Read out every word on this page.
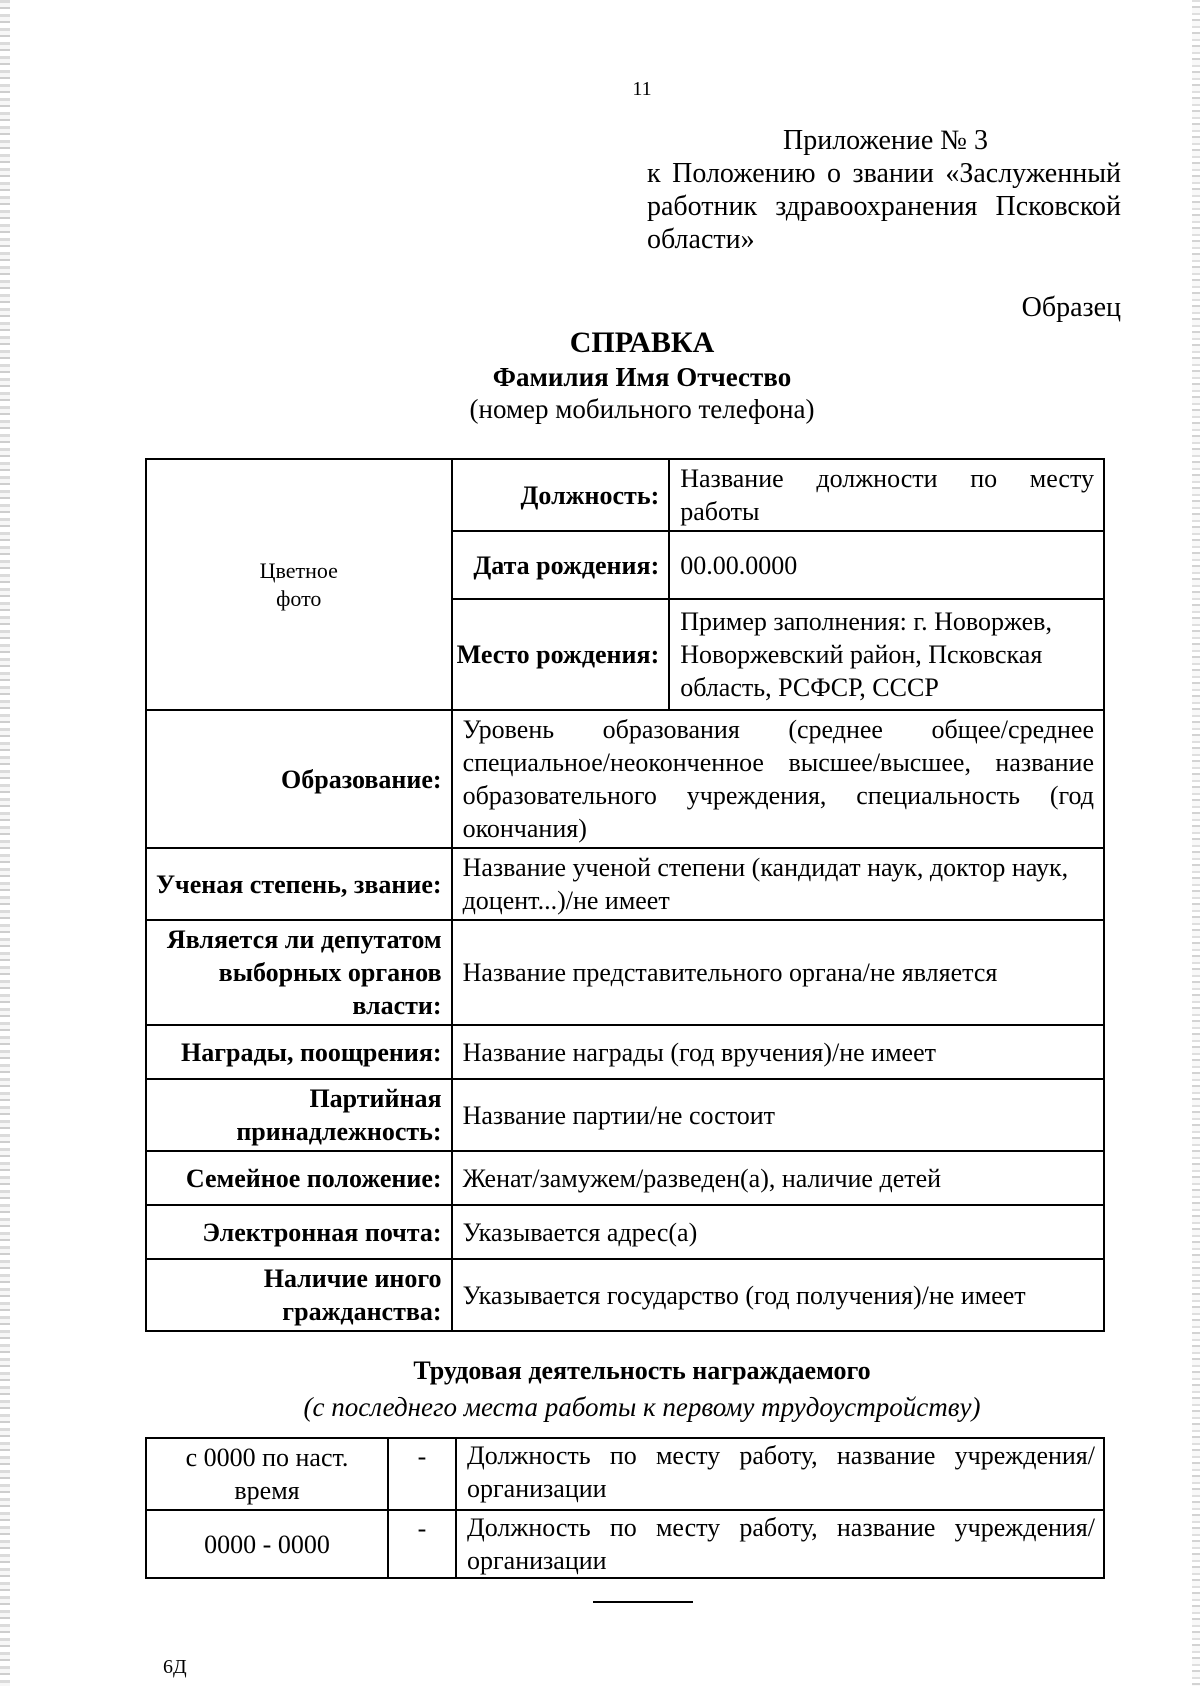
11
Приложение № 3
к Положению о звании «Заслуженный работник здравоохранения Псковской области»
Образец
СПРАВКА
Фамилия Имя Отчество
(номер мобильного телефона)
Цветное
фото	Должность:	Название должности по месту работы
	Дата рождения:	00.00.0000
	Место рождения:	Пример заполнения: г. Новоржев, Новоржевский район, Псковская область, РСФСР, СССР
Образование:	Уровень образования (среднее общее/среднее специальное/неоконченное высшее/высшее, название образовательного учреждения, специальность (год окончания)	
Ученая степень, звание:	Название ученой степени (кандидат наук, доктор наук, доцент...)/не имеет	
Является ли депутатом выборных органов власти:	Название представительного органа/не является	
Награды, поощрения:	Название награды (год вручения)/не имеет	
Партийная принадлежность:	Название партии/не состоит	
Семейное положение:	Женат/замужем/разведен(а), наличие детей	
Электронная почта:	Указывается адрес(а)	
Наличие иного гражданства:	Указывается государство (год получения)/не имеет	
Трудовая деятельность награждаемого
(с последнего места работы к первому трудоустройству)
с 0000 по наст. время	-	Должность по месту работу, название учреждения/организации
0000 - 0000	-	Должность по месту работу, название учреждения/организации
6Д
